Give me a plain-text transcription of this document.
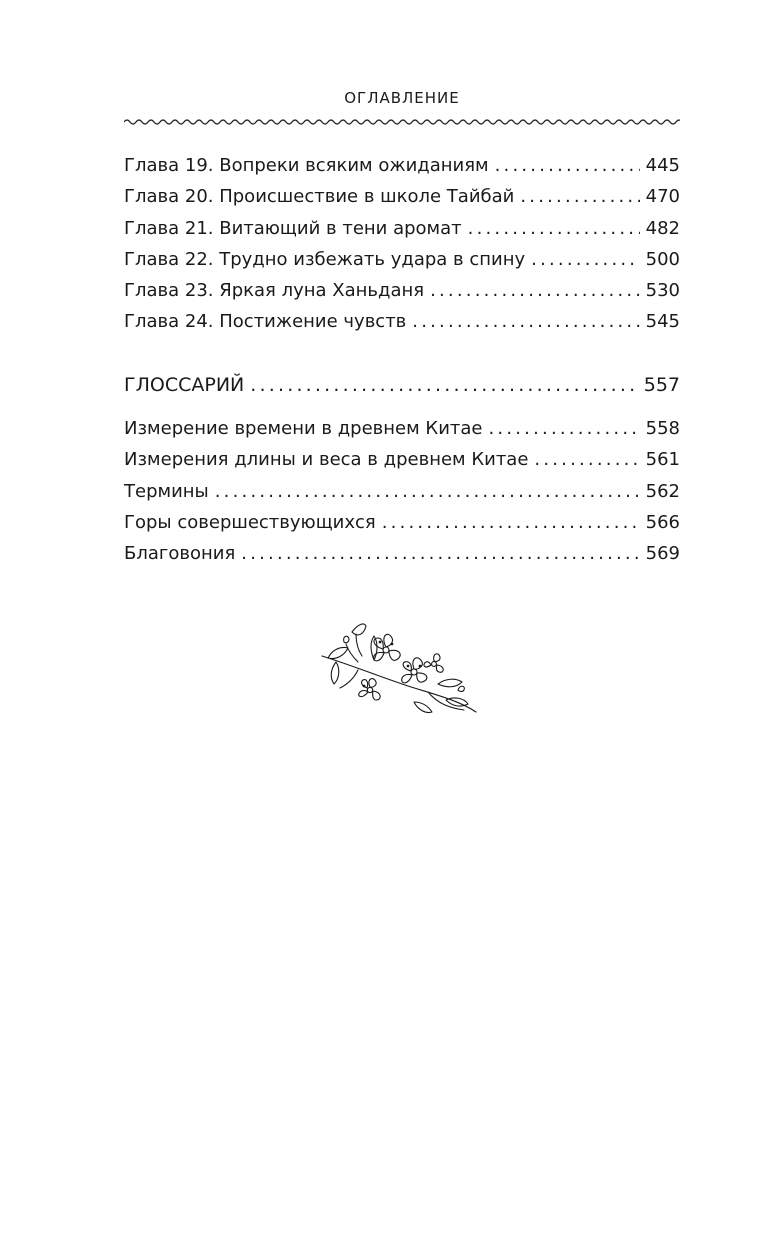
ОГЛАВЛЕНИЕ
Глава 19. Вопреки всяким ожиданиям .....	445
Глава 20. Происшествие в школе Тайбай .....	470
Глава 21. Витающий в тени аромат .....	482
Глава 22. Трудно избежать удара в спину .....	500
Глава 23. Яркая луна Ханьданя .....	530
Глава 24. Постижение чувств .....	545
ГЛОССАРИЙ .....	557
Измерение времени в древнем Китае .....	558
Измерения длины и веса в древнем Китае .....	561
Термины .....	562
Горы совершествующихся .....	566
Благовония .....	569
